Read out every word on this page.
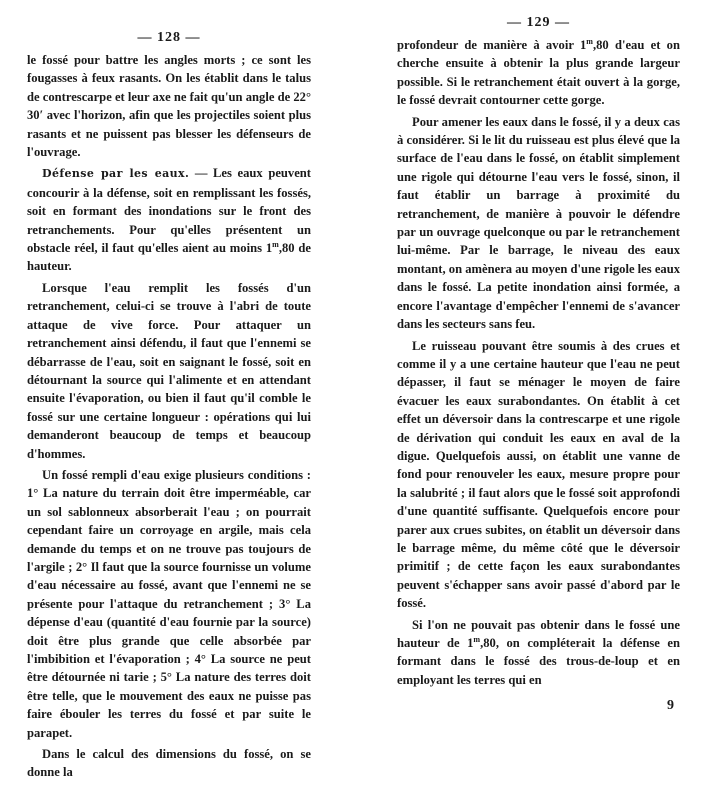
— 128 —

le fossé pour battre les angles morts ; ce sont les fougasses à feux rasants. On les établit dans le talus de contrescarpe et leur axe ne fait qu'un angle de 22° 30′ avec l'horizon, afin que les projectiles soient plus rasants et ne puissent pas blesser les défenseurs de l'ouvrage.

Défense par les eaux. — Les eaux peuvent concourir à la défense, soit en remplissant les fossés, soit en formant des inondations sur le front des retranchements. Pour qu'elles présentent un obstacle réel, il faut qu'elles aient au moins 1$^m$,80 de hauteur.

Lorsque l'eau remplit les fossés d'un retranchement, celui-ci se trouve à l'abri de toute attaque de vive force. Pour attaquer un retranchement ainsi défendu, il faut que l'ennemi se débarrasse de l'eau, soit en saignant le fossé, soit en détournant la source qui l'alimente et en attendant ensuite l'évaporation, ou bien il faut qu'il comble le fossé sur une certaine longueur : opérations qui lui demanderont beaucoup de temps et beaucoup d'hommes.

Un fossé rempli d'eau exige plusieurs conditions : 1° La nature du terrain doit être imperméable, car un sol sablonneux absorberait l'eau ; on pourrait cependant faire un corroyage en argile, mais cela demande du temps et on ne trouve pas toujours de l'argile ; 2° Il faut que la source fournisse un volume d'eau nécessaire au fossé, avant que l'ennemi ne se présente pour l'attaque du retranchement ; 3° La dépense d'eau (quantité d'eau fournie par la source) doit être plus grande que celle absorbée par l'imbibition et l'évaporation ; 4° La source ne peut être détournée ni tarie ; 5° La nature des terres doit être telle, que le mouvement des eaux ne puisse pas faire ébouler les terres du fossé et par suite le parapet.

Dans le calcul des dimensions du fossé, on se donne la

— 129 —

profondeur de manière à avoir 1$^m$,80 d'eau et on cherche ensuite à obtenir la plus grande largeur possible. Si le retranchement était ouvert à la gorge, le fossé devrait contourner cette gorge.

Pour amener les eaux dans le fossé, il y a deux cas à considérer. Si le lit du ruisseau est plus élevé que la surface de l'eau dans le fossé, on établit simplement une rigole qui détourne l'eau vers le fossé, sinon, il faut établir un barrage à proximité du retranchement, de manière à pouvoir le défendre par un ouvrage quelconque ou par le retranchement lui-même. Par le barrage, le niveau des eaux montant, on amènera au moyen d'une rigole les eaux dans le fossé. La petite inondation ainsi formée, a encore l'avantage d'empêcher l'ennemi de s'avancer dans les secteurs sans feu.

Le ruisseau pouvant être soumis à des crues et comme il y a une certaine hauteur que l'eau ne peut dépasser, il faut se ménager le moyen de faire évacuer les eaux surabondantes. On établit à cet effet un déversoir dans la contrescarpe et une rigole de dérivation qui conduit les eaux en aval de la digue. Quelquefois aussi, on établit une vanne de fond pour renouveler les eaux, mesure propre pour la salubrité ; il faut alors que le fossé soit approfondi d'une quantité suffisante. Quelquefois encore pour parer aux crues subites, on établit un déversoir dans le barrage même, du même côté que le déversoir primitif ; de cette façon les eaux surabondantes peuvent s'échapper sans avoir passé d'abord par le fossé.

Si l'on ne pouvait pas obtenir dans le fossé une hauteur de 1$^m$,80, on compléterait la défense en formant dans le fossé des trous-de-loup et en employant les terres qui en

9
